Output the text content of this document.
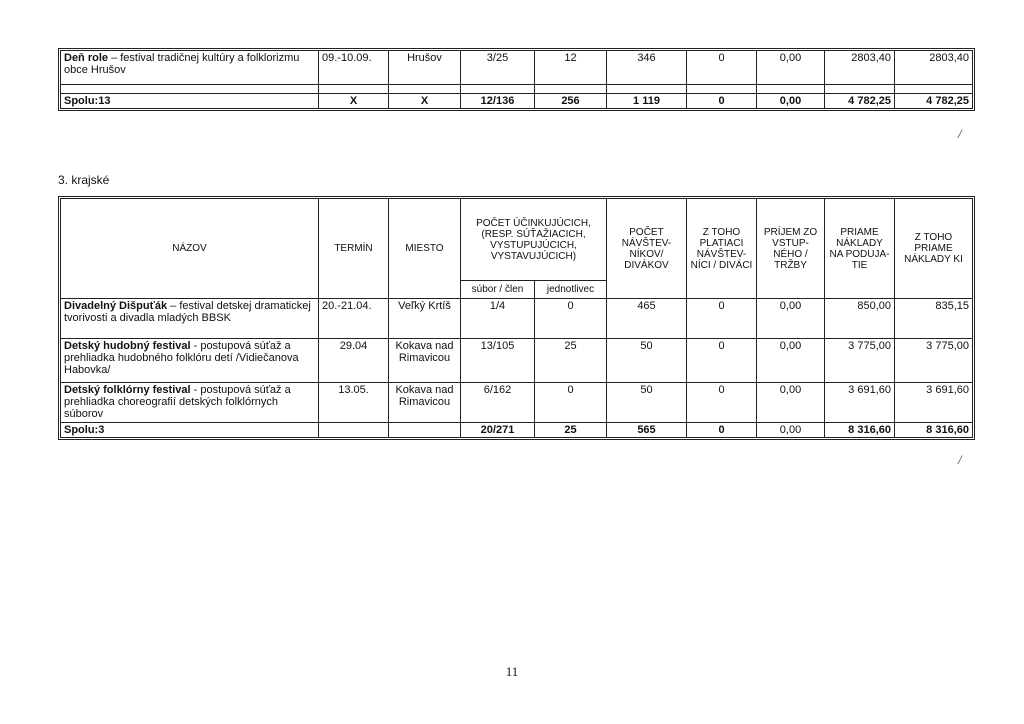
Deň role – festival tradičnej kultúry a folklorizmu obce Hrušov	09.-10.09.	Hrušov	3/25	12	346	0	0,00	2803,40	2803,40

Spolu:13	X	X	12/136	256	1 119	0	0,00	4 782,25	4 782,25
/

3. krajské

NÁZOV	TERMÍN	MIESTO	POČET ÚČINKUJÚCICH, (RESP. SÚŤAŽIACICH, VYSTUPUJÚCICH, VYSTAVUJÚCICH)		POČET NÁVŠTEV-NÍKOV/ DIVÁKOV	Z TOHO PLATIACI NÁVŠTEV-NÍCI / DIVÁCI	PRÍJEM ZO VSTUP-NÉHO / TRŽBY	PRIAME NÁKLADY NA PODUJA-TIE	Z TOHO PRIAME NÁKLADY KI
			súbor / člen	jednotlivec					
Divadelný Dišpuťák – festival detskej dramatickej tvorivosti a divadla mladých BBSK	20.-21.04.	Veľký Krtíš	1/4	0	465	0	0,00	850,00	835,15
Detský hudobný festival - postupová súťaž a prehliadka hudobného folklóru detí /Vidiečanova Habovka/	29.04	Kokava nad Rimavicou	13/105	25	50	0	0,00	3 775,00	3 775,00
Detský folklórny festival - postupová súťaž a prehliadka choreografií detských folklórnych súborov	13.05.	Kokava nad Rimavicou	6/162	0	50	0	0,00	3 691,60	3 691,60
Spolu:3			20/271	25	565	0	0,00	8 316,60	8 316,60
/
11
